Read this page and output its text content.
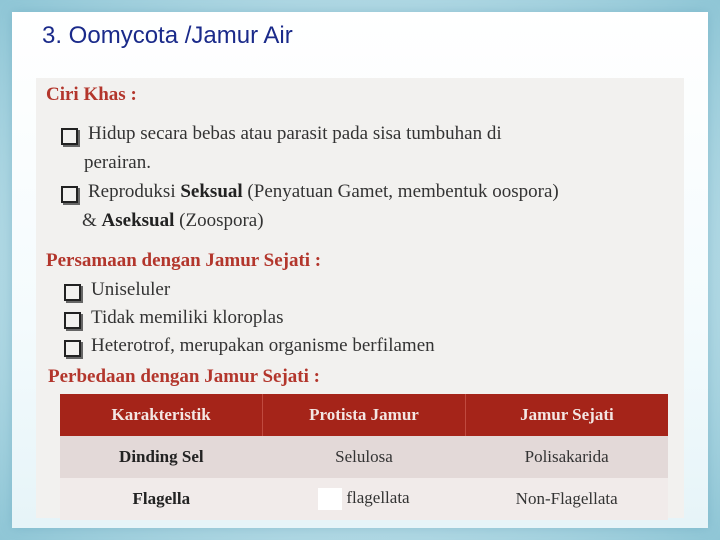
3. Oomycota /Jamur Air
Ciri Khas :
Hidup secara bebas atau parasit pada sisa tumbuhan di
perairan.
Reproduksi Seksual (Penyatuan Gamet, membentuk oospora)
& Aseksual (Zoospora)
Persamaan dengan Jamur Sejati :
Uniseluler
Tidak memiliki kloroplas
Heterotrof, merupakan organisme berfilamen
Perbedaan dengan Jamur Sejati :
Karakteristik	Protista Jamur	Jamur Sejati
Dinding Sel	Selulosa	Polisakarida
Flagella	flagellata	Non-Flagellata
